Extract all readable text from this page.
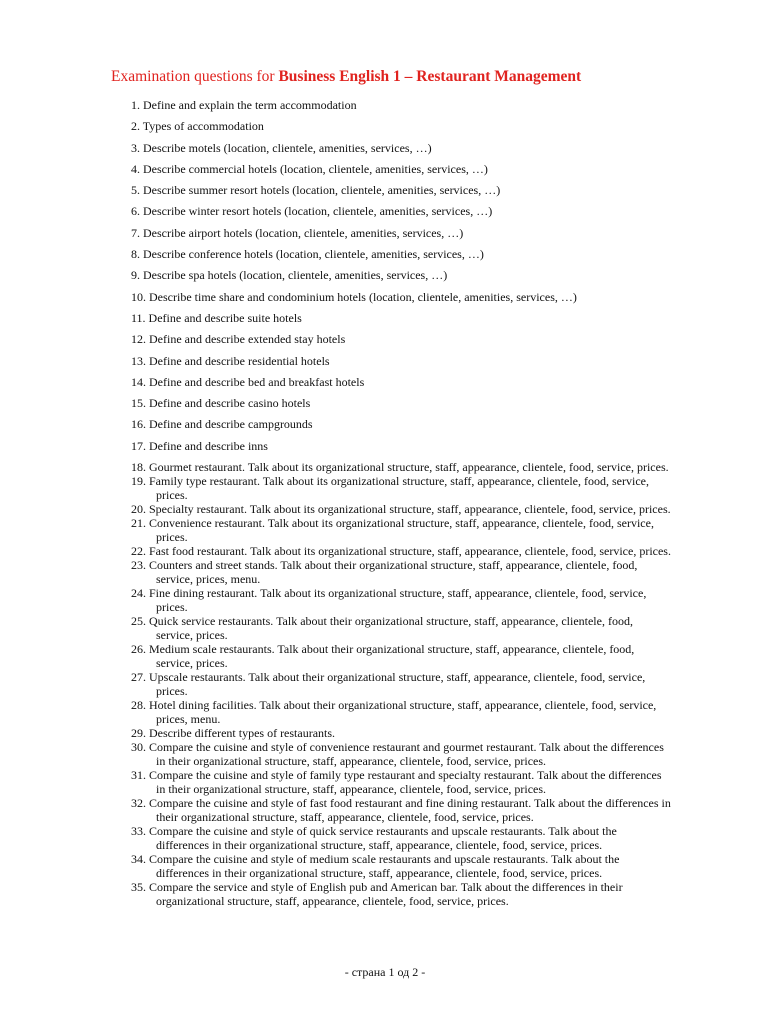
Examination questions for Business English 1 – Restaurant Management
1. Define and explain the term accommodation
2. Types of accommodation
3. Describe motels (location, clientele, amenities, services, …)
4. Describe commercial hotels (location, clientele, amenities, services, …)
5. Describe summer resort hotels (location, clientele, amenities, services, …)
6. Describe winter resort hotels (location, clientele, amenities, services, …)
7. Describe airport hotels (location, clientele, amenities, services, …)
8. Describe conference hotels (location, clientele, amenities, services, …)
9. Describe spa hotels (location, clientele, amenities, services, …)
10. Describe time share and condominium hotels (location, clientele, amenities, services, …)
11. Define and describe suite hotels
12. Define and describe extended stay hotels
13. Define and describe residential hotels
14. Define and describe bed and breakfast hotels
15. Define and describe casino hotels
16. Define and describe campgrounds
17. Define and describe inns
18. Gourmet restaurant. Talk about its organizational structure, staff, appearance, clientele, food, service, prices.
19. Family type restaurant. Talk about its organizational structure, staff, appearance, clientele, food, service, prices.
20. Specialty restaurant. Talk about its organizational structure, staff, appearance, clientele, food, service, prices.
21. Convenience restaurant. Talk about its organizational structure, staff, appearance, clientele, food, service, prices.
22. Fast food restaurant. Talk about its organizational structure, staff, appearance, clientele, food, service, prices.
23. Counters and street stands. Talk about their organizational structure, staff, appearance, clientele, food, service, prices, menu.
24. Fine dining restaurant. Talk about its organizational structure, staff, appearance, clientele, food, service, prices.
25. Quick service restaurants. Talk about their organizational structure, staff, appearance, clientele, food, service, prices.
26. Medium scale restaurants. Talk about their organizational structure, staff, appearance, clientele, food, service, prices.
27. Upscale restaurants. Talk about their organizational structure, staff, appearance, clientele, food, service, prices.
28. Hotel dining facilities. Talk about their organizational structure, staff, appearance, clientele, food, service, prices, menu.
29. Describe different types of restaurants.
30. Compare the cuisine and style of convenience restaurant and gourmet restaurant. Talk about the differences in their organizational structure, staff, appearance, clientele, food, service, prices.
31. Compare the cuisine and style of family type restaurant and specialty restaurant. Talk about the differences in their organizational structure, staff, appearance, clientele, food, service, prices.
32. Compare the cuisine and style of fast food restaurant and fine dining restaurant. Talk about the differences in their organizational structure, staff, appearance, clientele, food, service, prices.
33. Compare the cuisine and style of quick service restaurants and upscale restaurants. Talk about the differences in their organizational structure, staff, appearance, clientele, food, service, prices.
34. Compare the cuisine and style of medium scale restaurants and upscale restaurants. Talk about the differences in their organizational structure, staff, appearance, clientele, food, service, prices.
35. Compare the service and style of English pub and American bar. Talk about the differences in their organizational structure, staff, appearance, clientele, food, service, prices.
- страна 1 од 2 -
